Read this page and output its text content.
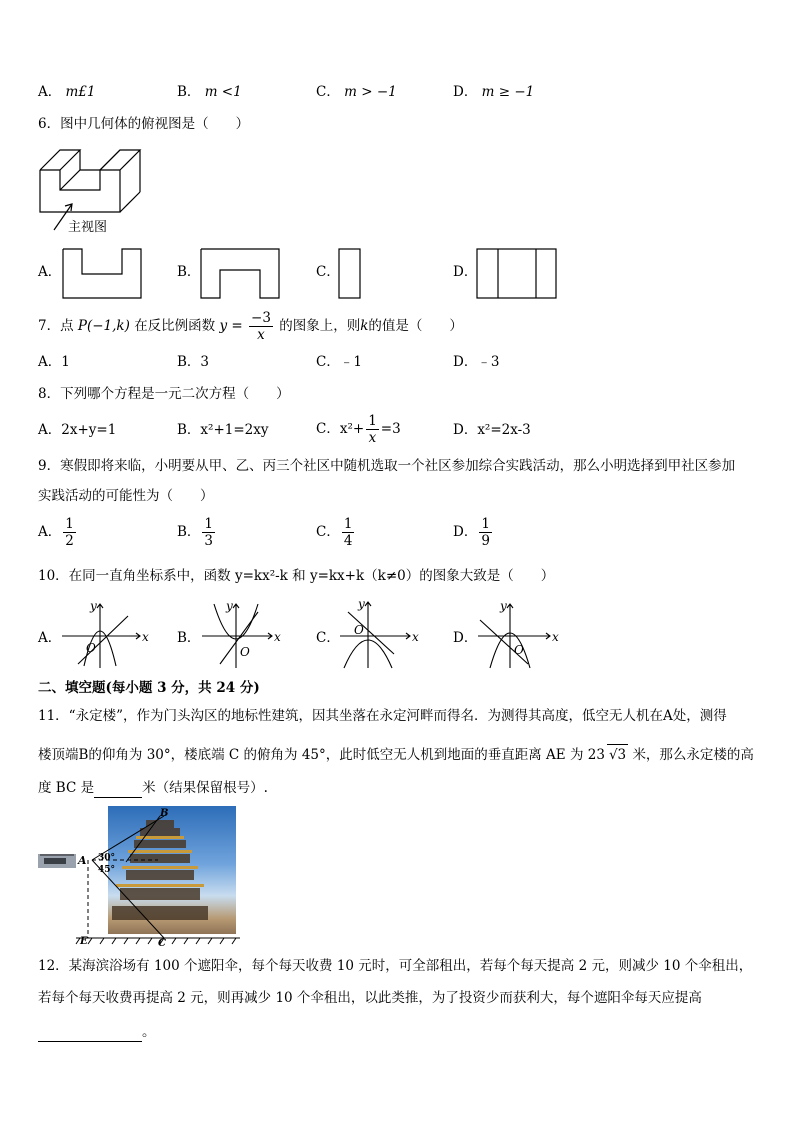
A． m£1	B． m <1	C． m > −1	D． m ≥ −1
6．图中几何体的俯视图是（　　）
主视图
A．	B．	C．	D．
7．点 P(−1,k) 在反比例函数 $y = \frac{-3}{x}$ 的图象上，则k的值是（　　）
A．1	B．3	C．﹣1	D．﹣3
8．下列哪个方程是一元二次方程（　　）
A．2x+y=1	B．x²+1=2xy	C．$x^2+ \frac{1}{x} =3$	D．x²=2x-3
9．寒假即将来临，小明要从甲、乙、丙三个社区中随机选取一个社区参加综合实践活动，那么小明选择到甲社区参加
实践活动的可能性为（　　）
A． $\frac{1}{2}$	B． $\frac{1}{3}$	C． $\frac{1}{4}$	D． $\frac{1}{9}$
10．在同一直角坐标系中，函数 y=kx²-k 和 y=kx+k（k≠0）的图象大致是（　　）
A．	x
y
O
B．	x
y
O
C．	x
y
O	D．	x
y
O
二、填空题(每小题 3 分，共 24 分)
11．“永定楼”，作为门头沟区的地标性建筑，因其坐落在永定河畔而得名．为测得其高度，低空无人机在A处，测得
楼顶端B的仰角为 30°，楼底端 C 的俯角为 45°，此时低空无人机到地面的垂直距离 AE 为 23 √3 米，那么永定楼的高
度 BC 是	米（结果保留根号）.
A
B
30°
45°
E	C
12．某海滨浴场有 100 个遮阳伞，每个每天收费 10 元时，可全部租出，若每个每天提高 2 元，则减少 10 个伞租出，
若每个每天收费再提高 2 元，则再减少 10 个伞租出，以此类推，为了投资少而获利大，每个遮阳伞每天应提高
。
